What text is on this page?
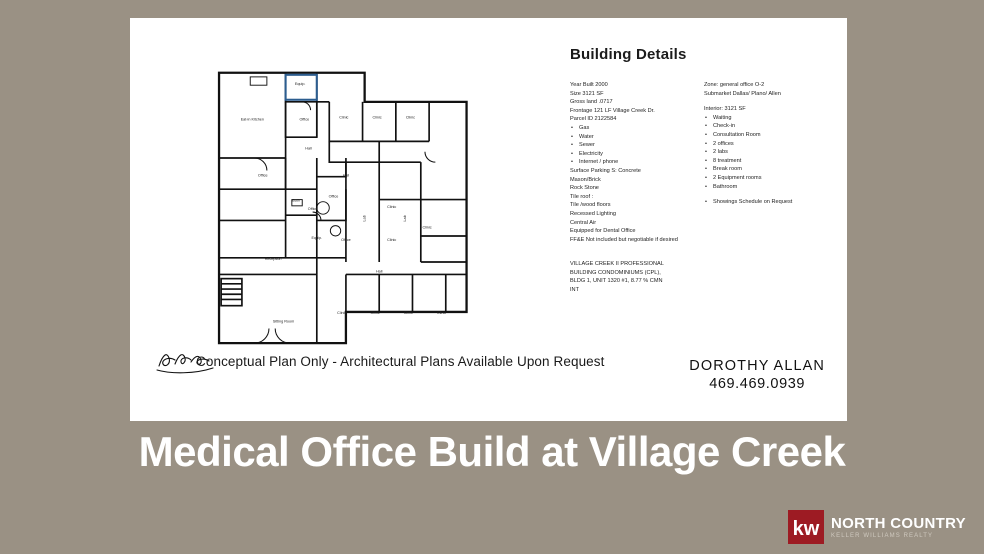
Equip.
Office
Eat-in Kitchen
Clinic	Clinic	Clinic
Hall
Hall
Office
Bath
Office
Office
Equip.
Office	Clinic
Clinic
Clinic
Reception
Hall
Sitting Room
Clinic	Clinic	Clinic	Clinic
Lab	Lab
Building Details
Year Built 2000
Size 3121 SF
Gross land .0717
Frontage 121 LF Village Creek Dr.
Parcel ID 2122584
• Gas
• Water
• Sewer
• Electricity
• Internet / phone
Surface Parking S: Concrete
Mason/Brick
Rock Stone
Tile roof :
Tile /wood floors
Recessed Lighting
Central Air
Equipped for Dental Office
FF&E Not included but negotiable if desired
VILLAGE CREEK II PROFESSIONAL
BUILDING CONDOMINIUMS (CPL),
BLDG 1, UNIT 1320 #1, 8.77 % CMN
INT
Zone: general office O-2
Submarket Dallas/ Plano/ Allen
Interior: 3121 SF
• Waiting
• Check-in
• Consultation Room
• 2 offices
• 2 labs
• 8 treatment
• Break room
• 2 Equipment rooms
• Bathroom
• Showings Schedule on Request
Conceptual Plan Only - Architectural Plans Available Upon Request	DOROTHY ALLAN
469.469.0939
Medical Office Build at Village Creek
kw NORTH COUNTRY
KELLER WILLIAMS REALTY
